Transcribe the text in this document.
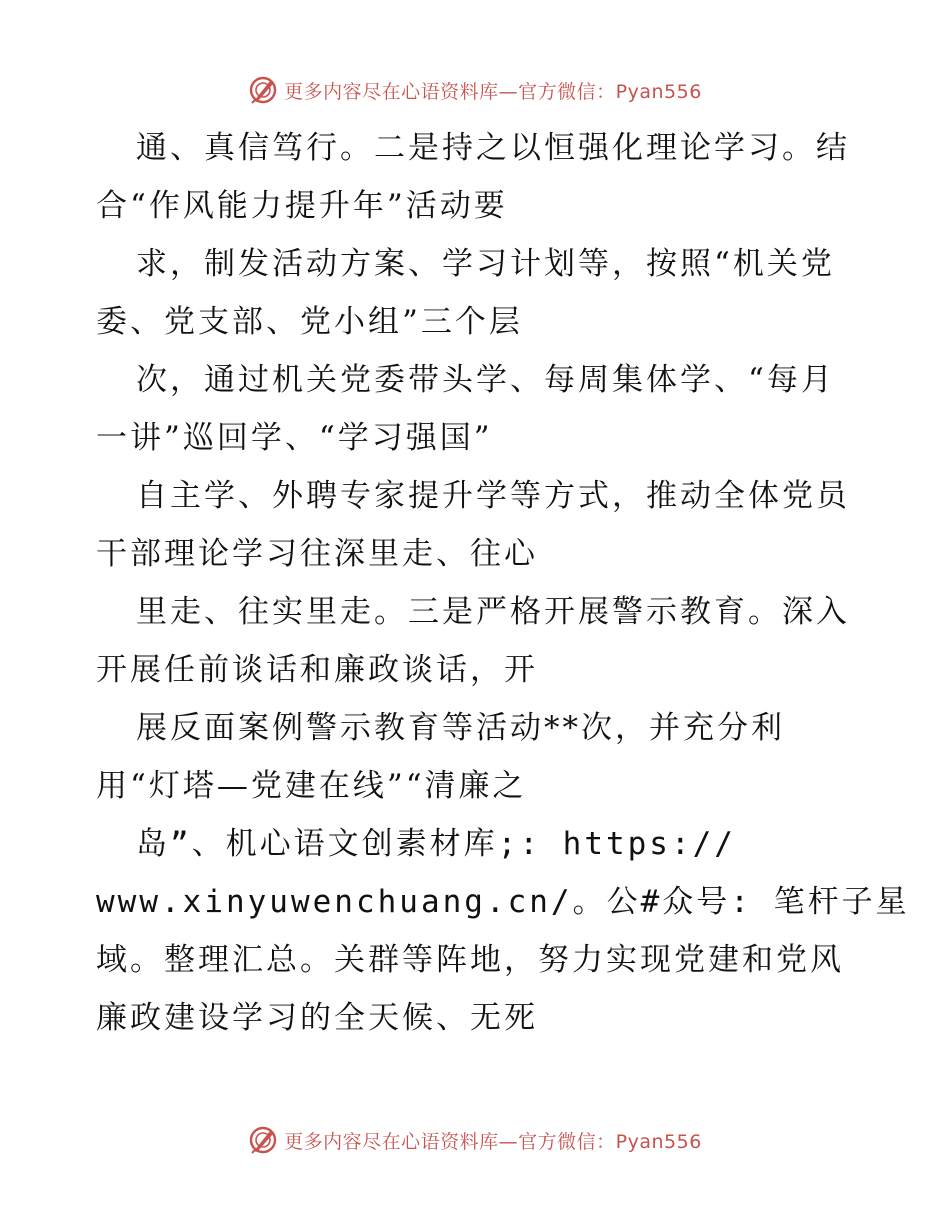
更多内容尽在心语资料库—官方微信：Pyan556
通、真信笃行。二是持之以恒强化理论学习。结
合“作风能力提升年”活动要
求，制发活动方案、学习计划等，按照“机关党
委、党支部、党小组”三个层
次，通过机关党委带头学、每周集体学、“每月
一讲”巡回学、“学习强国”
自主学、外聘专家提升学等方式，推动全体党员
干部理论学习往深里走、往心
里走、往实里走。三是严格开展警示教育。深入
开展任前谈话和廉政谈话，开
展反面案例警示教育等活动**次，并充分利
用“灯塔—党建在线”“清廉之
岛”、机心语文创素材库;: https://
www.xinyuwenchuang.cn/。公#众号: 笔杆子星
域。整理汇总。关群等阵地，努力实现党建和党风
廉政建设学习的全天候、无死
更多内容尽在心语资料库—官方微信：Pyan556
